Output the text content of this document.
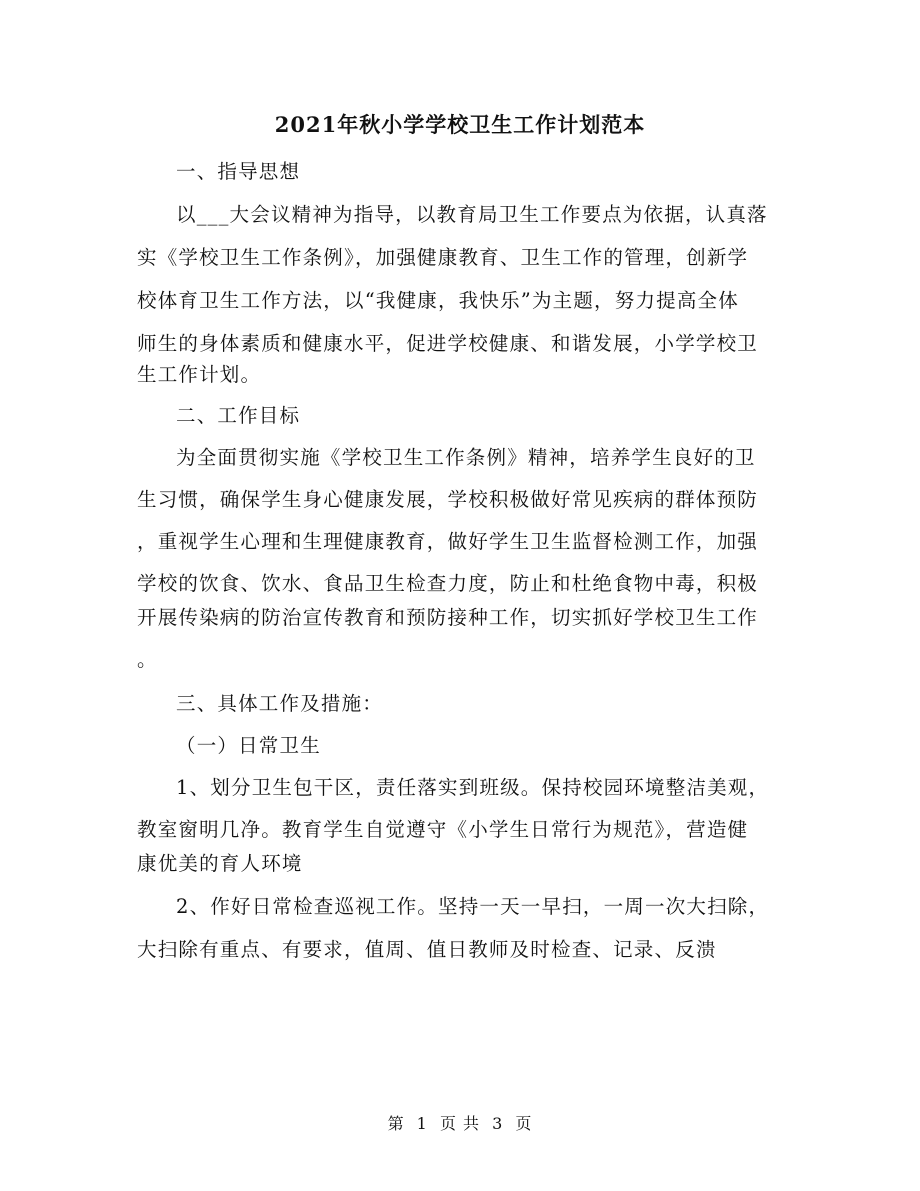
2021年秋小学学校卫生工作计划范本
一、指导思想
以___大会议精神为指导，以教育局卫生工作要点为依据，认真落
实《学校卫生工作条例》，加强健康教育、卫生工作的管理，创新学
校体育卫生工作方法，以“我健康，我快乐”为主题，努力提高全体
师生的身体素质和健康水平，促进学校健康、和谐发展，小学学校卫
生工作计划。
二、工作目标
为全面贯彻实施《学校卫生工作条例》精神，培养学生良好的卫
生习惯，确保学生身心健康发展，学校积极做好常见疾病的群体预防
，重视学生心理和生理健康教育，做好学生卫生监督检测工作，加强
学校的饮食、饮水、食品卫生检查力度，防止和杜绝食物中毒，积极
开展传染病的防治宣传教育和预防接种工作，切实抓好学校卫生工作
。
三、具体工作及措施：
（一）日常卫生
1、划分卫生包干区，责任落实到班级。保持校园环境整洁美观，
教室窗明几净。教育学生自觉遵守《小学生日常行为规范》，营造健
康优美的育人环境
2、作好日常检查巡视工作。坚持一天一早扫，一周一次大扫除，
大扫除有重点、有要求，值周、值日教师及时检查、记录、反溃
第 1 页 共 3 页
